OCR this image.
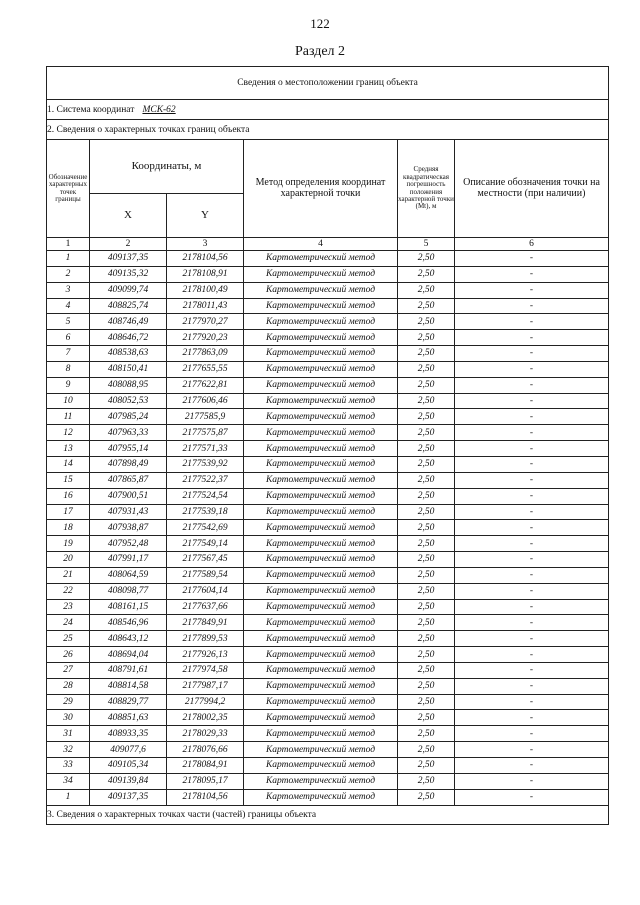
122
Раздел 2
Сведения о местоположении границ объекта					
1. Система координат МСК-62					
2. Сведения о характерных точках границ объекта					
Обозначение характерных точек границы	Координаты, м		Метод определения координат характерной точки	Средняя квадратическая погрешность положения характерной точки (Мt), м	Описание обозначения точки на местности (при наличии)
	X	Y			
1	2	3	4	5	6
1	409137,35	2178104,56	Картометрический метод	2,50	-
2	409135,32	2178108,91	Картометрический метод	2,50	-
3	409099,74	2178100,49	Картометрический метод	2,50	-
4	408825,74	2178011,43	Картометрический метод	2,50	-
5	408746,49	2177970,27	Картометрический метод	2,50	-
6	408646,72	2177920,23	Картометрический метод	2,50	-
7	408538,63	2177863,09	Картометрический метод	2,50	-
8	408150,41	2177655,55	Картометрический метод	2,50	-
9	408088,95	2177622,81	Картометрический метод	2,50	-
10	408052,53	2177606,46	Картометрический метод	2,50	-
11	407985,24	2177585,9	Картометрический метод	2,50	-
12	407963,33	2177575,87	Картометрический метод	2,50	-
13	407955,14	2177571,33	Картометрический метод	2,50	-
14	407898,49	2177539,92	Картометрический метод	2,50	-
15	407865,87	2177522,37	Картометрический метод	2,50	-
16	407900,51	2177524,54	Картометрический метод	2,50	-
17	407931,43	2177539,18	Картометрический метод	2,50	-
18	407938,87	2177542,69	Картометрический метод	2,50	-
19	407952,48	2177549,14	Картометрический метод	2,50	-
20	407991,17	2177567,45	Картометрический метод	2,50	-
21	408064,59	2177589,54	Картометрический метод	2,50	-
22	408098,77	2177604,14	Картометрический метод	2,50	-
23	408161,15	2177637,66	Картометрический метод	2,50	-
24	408546,96	2177849,91	Картометрический метод	2,50	-
25	408643,12	2177899,53	Картометрический метод	2,50	-
26	408694,04	2177926,13	Картометрический метод	2,50	-
27	408791,61	2177974,58	Картометрический метод	2,50	-
28	408814,58	2177987,17	Картометрический метод	2,50	-
29	408829,77	2177994,2	Картометрический метод	2,50	-
30	408851,63	2178002,35	Картометрический метод	2,50	-
31	408933,35	2178029,33	Картометрический метод	2,50	-
32	409077,6	2178076,66	Картометрический метод	2,50	-
33	409105,34	2178084,91	Картометрический метод	2,50	-
34	409139,84	2178095,17	Картометрический метод	2,50	-
1	409137,35	2178104,56	Картометрический метод	2,50	-
3. Сведения о характерных точках части (частей) границы объекта					
